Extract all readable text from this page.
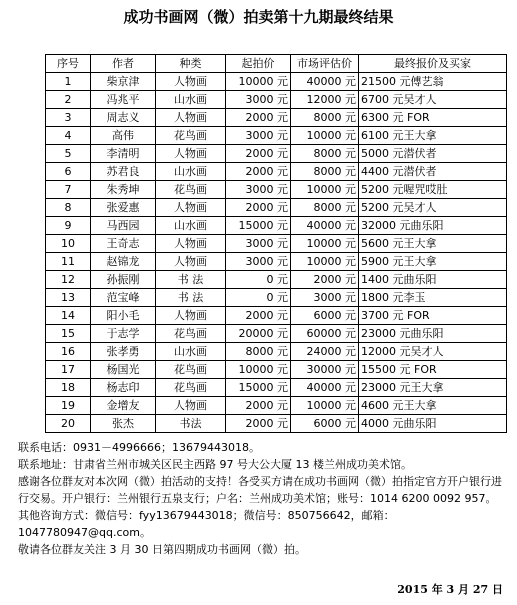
成功书画网（微）拍卖第十九期最终结果
序号	作者	种类	起拍价	市场评估价	最终报价及买家
1	柴京津	人物画	10000 元	40000 元	21500 元傅艺翁
2	冯兆平	山水画	3000 元	12000 元	6700 元吴才人
3	周志义	人物画	2000 元	8000 元	6300 元 FOR
4	高伟	花鸟画	3000 元	10000 元	6100 元王大拿
5	李清明	人物画	2000 元	8000 元	5000 元潜伏者
6	苏君良	山水画	2000 元	8000 元	4400 元潜伏者
7	朱秀坤	花鸟画	3000 元	10000 元	5200 元喔咒哎肚
8	张爱惠	人物画	2000 元	8000 元	5200 元吴才人
9	马西园	山水画	15000 元	40000 元	32000 元曲乐阳
10	王奇志	人物画	3000 元	10000 元	5600 元王大拿
11	赵锦龙	人物画	3000 元	10000 元	5900 元王大拿
12	孙振刚	书 法	0 元	2000 元	1400 元曲乐阳
13	范宝峰	书 法	0 元	3000 元	1800 元李玉
14	阳小毛	人物画	2000 元	6000 元	3700 元 FOR
15	于志学	花鸟画	20000 元	60000 元	23000 元曲乐阳
16	张孝勇	山水画	8000 元	24000 元	12000 元吴才人
17	杨国光	花鸟画	10000 元	30000 元	15500 元 FOR
18	杨志印	花鸟画	15000 元	40000 元	23000 元王大拿
19	金增友	人物画	2000 元	10000 元	4600 元王大拿
20	张杰	书法	2000 元	6000 元	4000 元曲乐阳

联系电话：0931－4996666；13679443018。

联系地址：甘肃省兰州市城关区民主西路 97 号大公大厦 13 楼兰州成功美术馆。

感谢各位群友对本次网（微）拍活动的支持！各受买方请在成功书画网（微）拍指定官方开户银行进行交易。开户银行：兰州银行五泉支行；户名：兰州成功美术馆；账号：1014 6200 0092 957。

其他咨询方式：微信号：fyy13679443018；微信号：850756642，邮箱：1047780947@qq.com。

敬请各位群友关注 3 月 30 日第四期成功书画网（微）拍。

2015 年 3 月 27 日
